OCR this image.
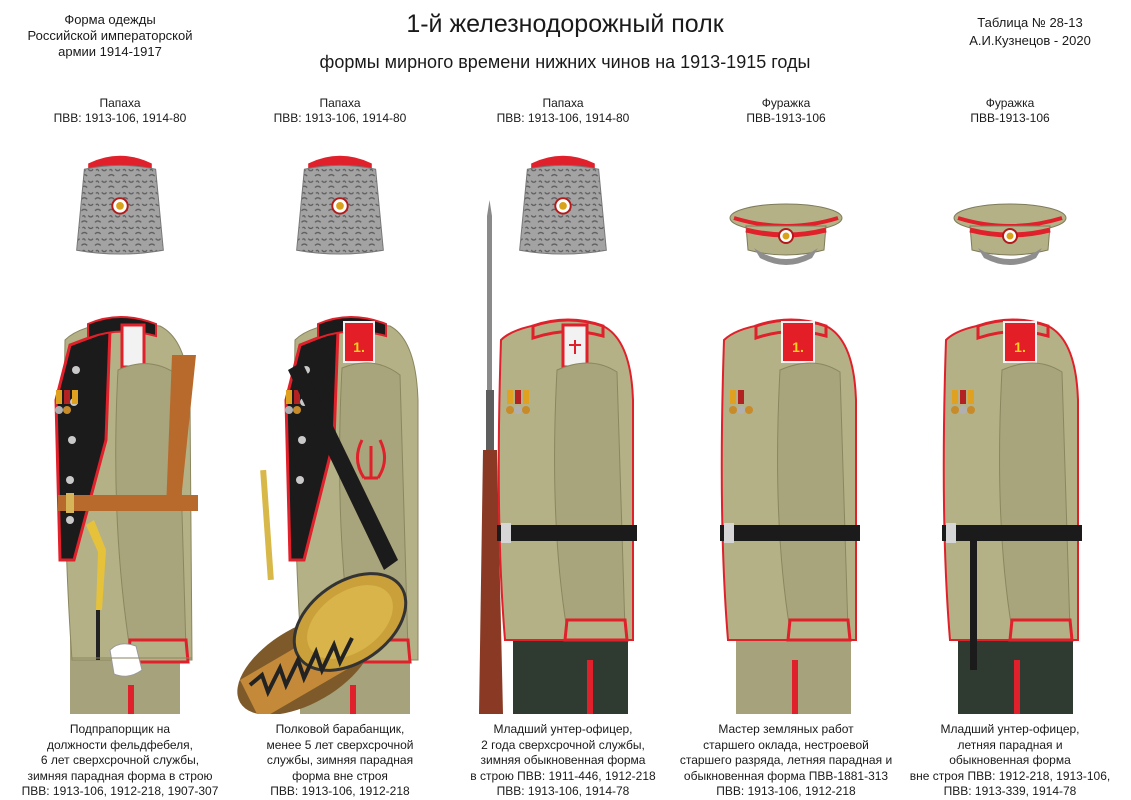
Форма одежды
Российской императорской
армии 1914-1917
1-й железнодорожный полк
формы мирного времени нижних чинов на 1913-1915 годы
Таблица № 28-13
А.И.Кузнецов - 2020
Папаха
ПВВ: 1913-106, 1914-80
Подпрапорщик на
должности фельдфебеля,
6 лет сверхсрочной службы,
зимняя парадная форма в строю
ПВВ: 1913-106, 1912-218, 1907-307
Папаха
ПВВ: 1913-106, 1914-80
1.
Полковой барабанщик,
менее 5 лет сверхсрочной
службы, зимняя парадная
форма вне строя
ПВВ: 1913-106, 1912-218
Папаха
ПВВ: 1913-106, 1914-80
Младший унтер-офицер,
2 года сверхсрочной службы,
зимняя обыкновенная форма
в строю ПВВ: 1911-446, 1912-218
ПВВ: 1913-106, 1914-78
Фуражка
ПВВ-1913-106
1.
Мастер земляных работ
старшего оклада, нестроевой
старшего разряда, летняя парадная и
обыкновенная форма ПВВ-1881-313
ПВВ: 1913-106, 1912-218
Фуражка
ПВВ-1913-106
1.
Младший унтер-офицер,
летняя парадная и
обыкновенная форма
вне строя ПВВ: 1912-218, 1913-106,
ПВВ: 1913-339, 1914-78
